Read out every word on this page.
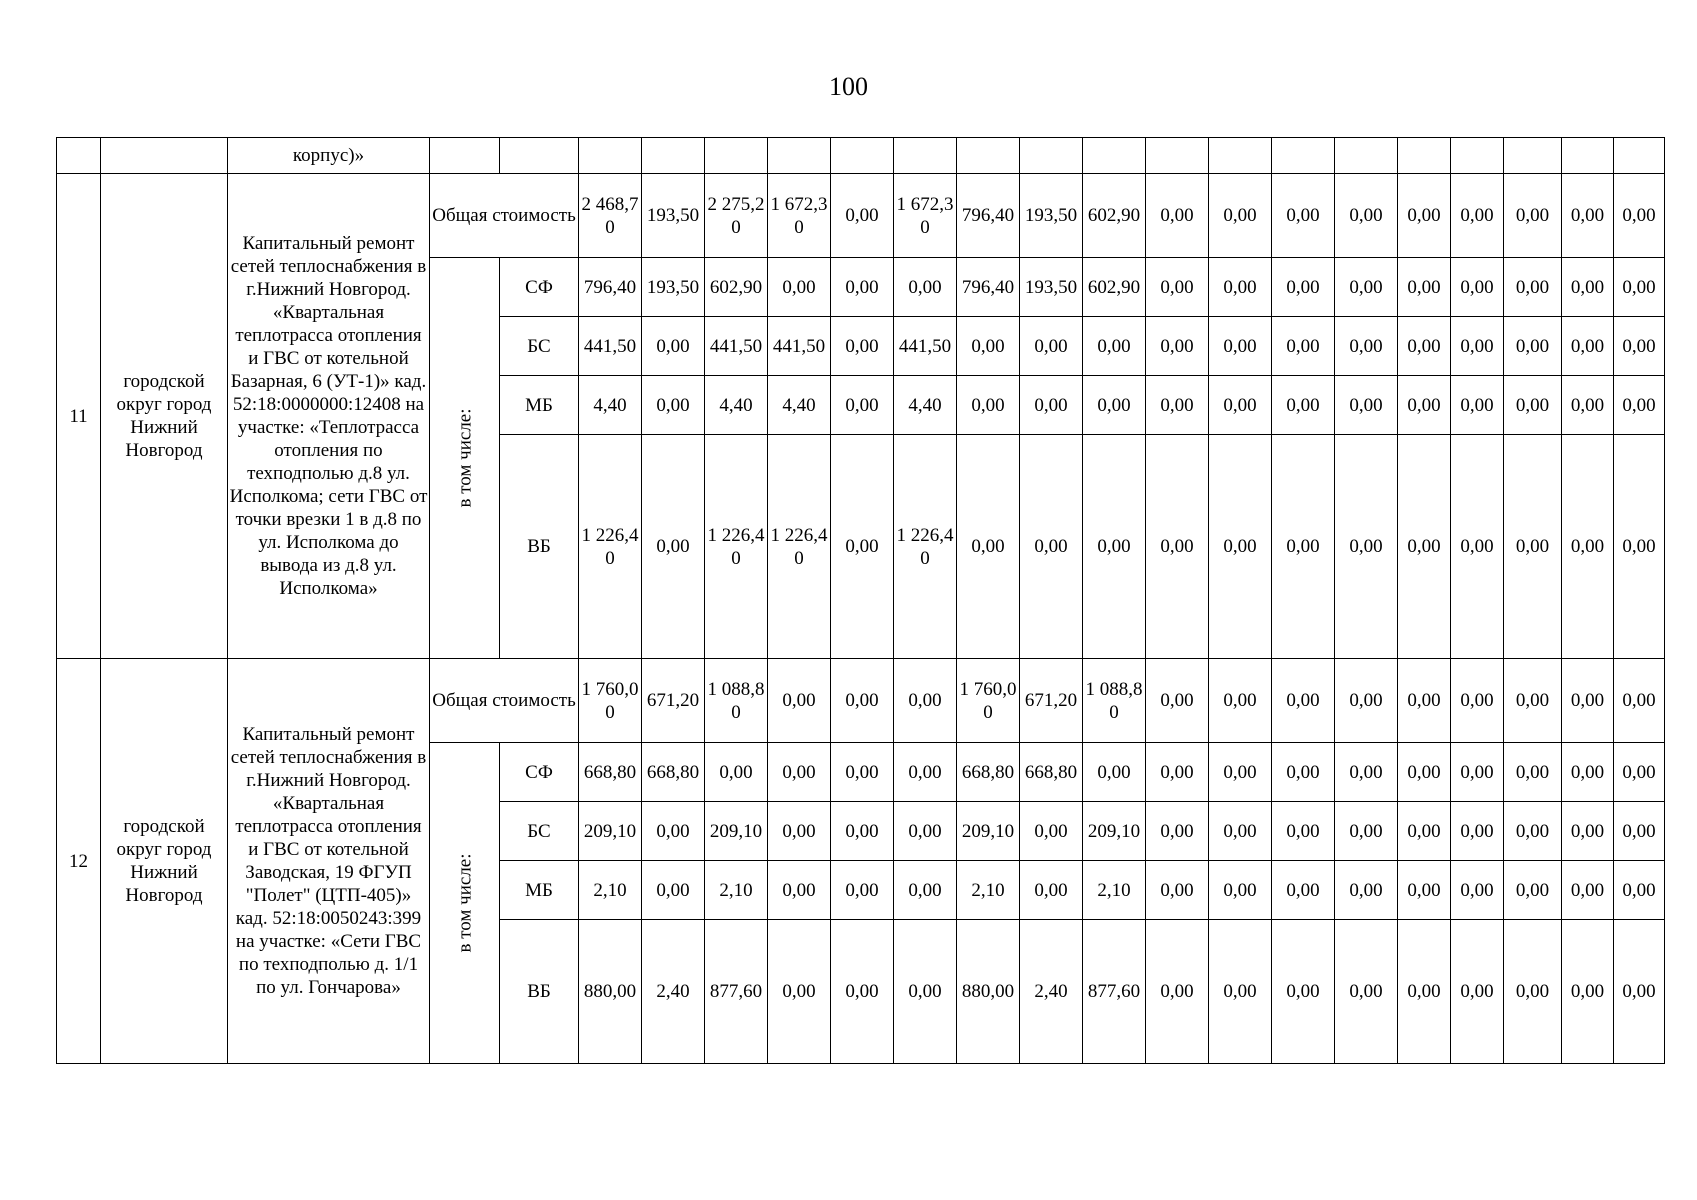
100
		корпус)»																				
11	городской округ город Нижний Новгород	Капитальный ремонт сетей теплоснабжения в г.Нижний Новгород. «Квартальная теплотрасса отопления и ГВС от котельной Базарная, 6 (УТ-1)» кад. 52:18:0000000:12408 на участке: «Теплотрасса отопления по техподполью д.8 ул. Исполкома; сети ГВС от точки врезки 1 в д.8 по ул. Исполкома до вывода из д.8 ул. Исполкома»	Общая стоимость		2 468,70	193,50	2 275,20	1 672,30	0,00	1 672,30	796,40	193,50	602,90	0,00	0,00	0,00	0,00	0,00	0,00	0,00	0,00	0,00

			в том числе:	СФ	796,40	193,50	602,90	0,00	0,00	0,00	796,40	193,50	602,90	0,00	0,00	0,00	0,00	0,00	0,00	0,00	0,00	0,00

				БС	441,50	0,00	441,50	441,50	0,00	441,50	0,00	0,00	0,00	0,00	0,00	0,00	0,00	0,00	0,00	0,00	0,00	0,00

				МБ	4,40	0,00	4,40	4,40	0,00	4,40	0,00	0,00	0,00	0,00	0,00	0,00	0,00	0,00	0,00	0,00	0,00	0,00

				ВБ	1 226,40	0,00	1 226,40	1 226,40	0,00	1 226,40	0,00	0,00	0,00	0,00	0,00	0,00	0,00	0,00	0,00	0,00	0,00	0,00

12	городской округ город Нижний Новгород	Капитальный ремонт сетей теплоснабжения в г.Нижний Новгород. «Квартальная теплотрасса отопления и ГВС от котельной Заводская, 19 ФГУП "Полет" (ЦТП-405)» кад. 52:18:0050243:399 на участке: «Сети ГВС по техподполью д. 1/1 по ул. Гончарова»	Общая стоимость		1 760,00	671,20	1 088,80	0,00	0,00	0,00	1 760,00	671,20	1 088,80	0,00	0,00	0,00	0,00	0,00	0,00	0,00	0,00	0,00

			в том числе:	СФ	668,80	668,80	0,00	0,00	0,00	0,00	668,80	668,80	0,00	0,00	0,00	0,00	0,00	0,00	0,00	0,00	0,00	0,00

				БС	209,10	0,00	209,10	0,00	0,00	0,00	209,10	0,00	209,10	0,00	0,00	0,00	0,00	0,00	0,00	0,00	0,00	0,00

				МБ	2,10	0,00	2,10	0,00	0,00	0,00	2,10	0,00	2,10	0,00	0,00	0,00	0,00	0,00	0,00	0,00	0,00	0,00

				ВБ	880,00	2,40	877,60	0,00	0,00	0,00	880,00	2,40	877,60	0,00	0,00	0,00	0,00	0,00	0,00	0,00	0,00	0,00
